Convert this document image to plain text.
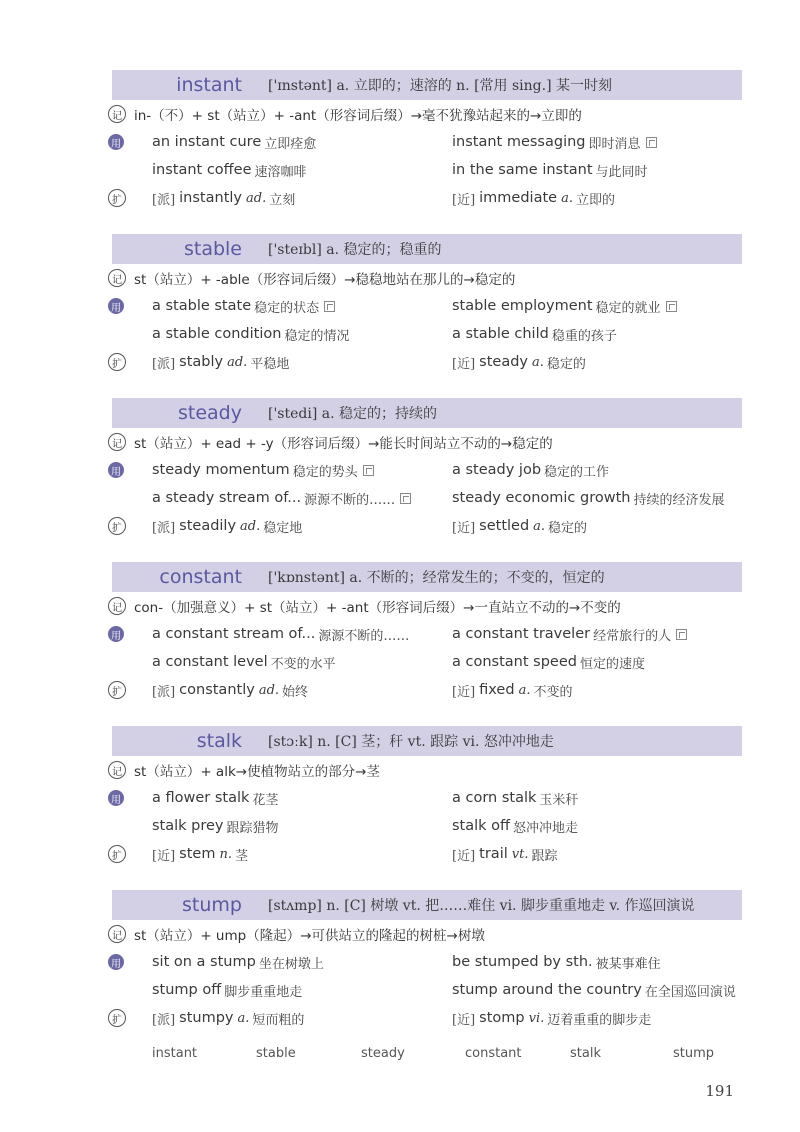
instant	['ɪnstənt] a. 立即的；速溶的 n. [常用 sing.] 某一时刻
记 in-（不）+ st（站立）+ -ant（形容词后缀）→毫不犹豫站起来的→立即的
用 an instant cure 立即痊愈	instant messaging 即时消息
instant coffee 速溶咖啡	in the same instant 与此同时
扩	[派] instantly ad. 立刻	[近] immediate a. 立即的
stable	['steɪbl] a. 稳定的；稳重的
记 st（站立）+ -able（形容词后缀）→稳稳地站在那儿的→稳定的
用 a stable state 稳定的状态	stable employment 稳定的就业
a stable condition 稳定的情况	a stable child 稳重的孩子
扩	[派] stably ad. 平稳地	[近] steady a. 稳定的
steady	['stedi] a. 稳定的；持续的
记 st（站立）+ ead + -y（形容词后缀）→能长时间站立不动的→稳定的
用 steady momentum 稳定的势头	a steady job 稳定的工作
a steady stream of... 源源不断的……	steady economic growth 持续的经济发展
扩	[派] steadily ad. 稳定地	[近] settled a. 稳定的
constant	['kɒnstənt] a. 不断的；经常发生的；不变的，恒定的
记 con-（加强意义）+ st（站立）+ -ant（形容词后缀）→一直站立不动的→不变的
用 a constant stream of... 源源不断的……	a constant traveler 经常旅行的人
a constant level 不变的水平	a constant speed 恒定的速度
扩	[派] constantly ad. 始终	[近] fixed a. 不变的
stalk	[stɔːk] n. [C] 茎；秆 vt. 跟踪 vi. 怒冲冲地走
记 st（站立）+ alk→使植物站立的部分→茎
用 a flower stalk 花茎	a corn stalk 玉米秆
stalk prey 跟踪猎物	stalk off 怒冲冲地走
扩	[近] stem n. 茎	[近] trail vt. 跟踪
stump	[stʌmp] n. [C] 树墩 vt. 把……难住 vi. 脚步重重地走 v. 作巡回演说
记 st（站立）+ ump（隆起）→可供站立的隆起的树桩→树墩
用 sit on a stump 坐在树墩上	be stumped by sth. 被某事难住
stump off 脚步重重地走	stump around the country 在全国巡回演说
扩	[派] stumpy a. 短而粗的	[近] stomp vi. 迈着重重的脚步走
instant	stable	steady	constant	stalk	stump
191
